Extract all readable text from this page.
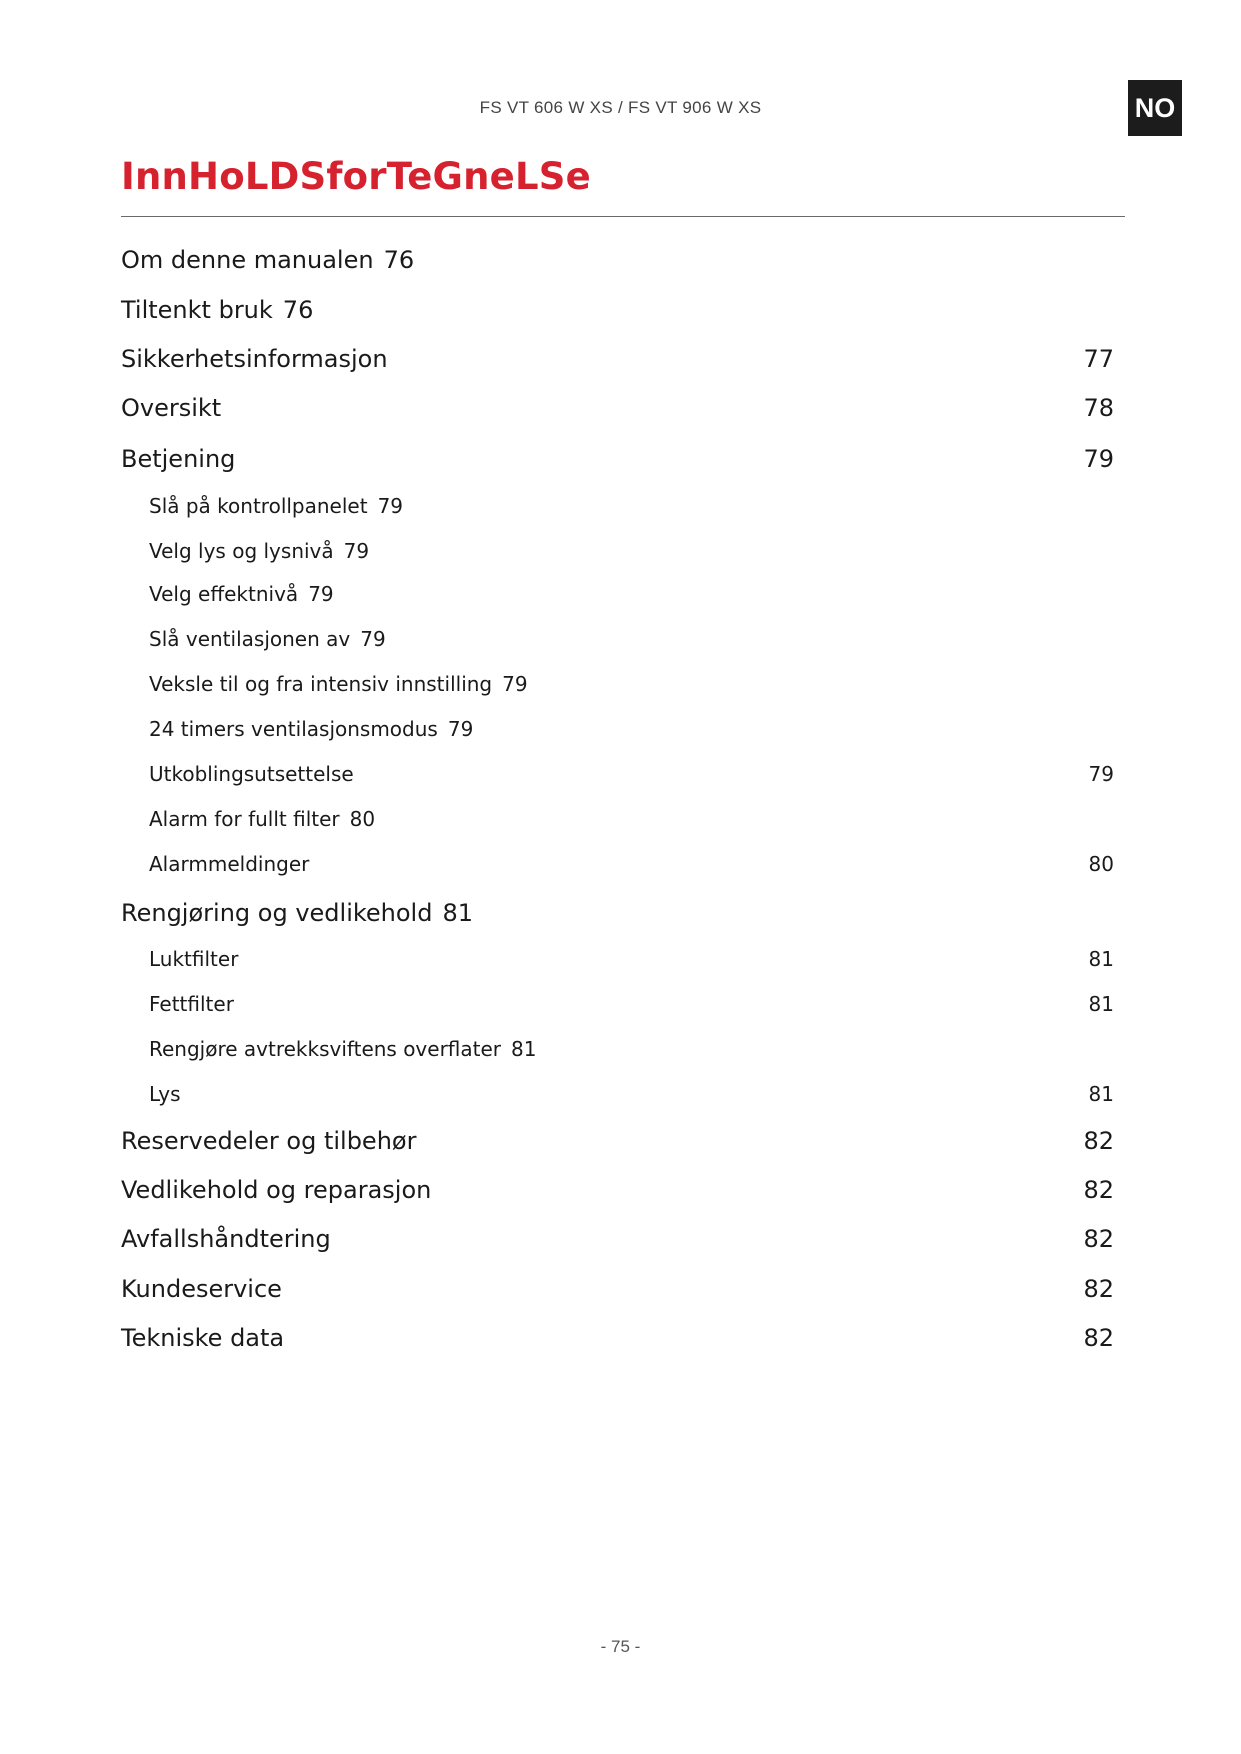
FS VT 606 W XS / FS VT 906 W XS	NO
InnHoLDSforTeGneLSe
Om denne manualen 76
Tiltenkt bruk 76
Sikkerhetsinformasjon	77
Oversikt	78
Betjening	79
Slå på kontrollpanelet 79
Velg lys og lysnivå 79
Velg effektnivå 79
Slå ventilasjonen av 79
Veksle til og fra intensiv innstilling 79
24 timers ventilasjonsmodus 79
Utkoblingsutsettelse	79
Alarm for fullt filter 80
Alarmmeldinger	80
Rengjøring og vedlikehold 81
Luktfilter	81
Fettfilter	81
Rengjøre avtrekksviftens overflater 81
Lys	81
Reservedeler og tilbehør	82
Vedlikehold og reparasjon	82
Avfallshåndtering	82
Kundeservice	82
Tekniske data	82
- 75 -
